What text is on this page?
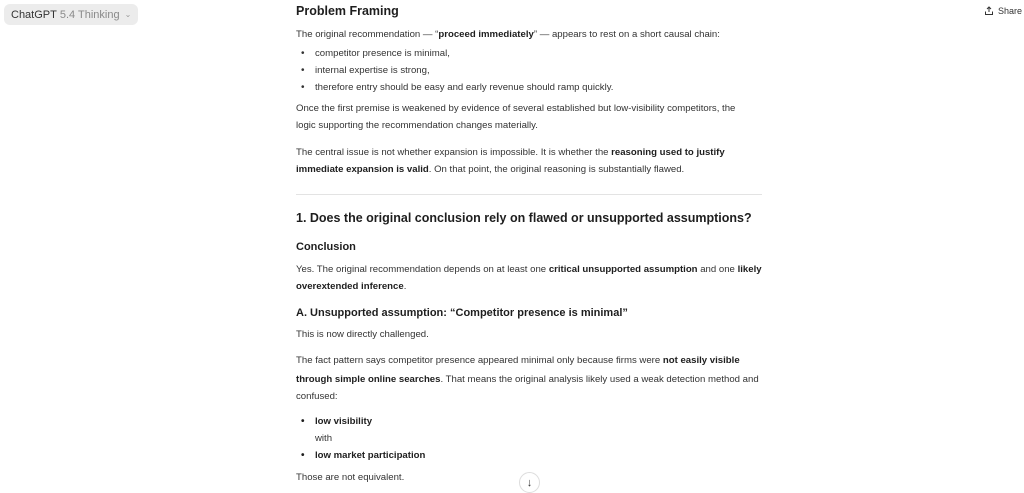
ChatGPT 5.4 Thinking ⌄	Share
Problem Framing
The original recommendation — “proceed immediately” — appears to rest on a short causal chain:
• competitor presence is minimal,
• internal expertise is strong,
• therefore entry should be easy and early revenue should ramp quickly.
Once the first premise is weakened by evidence of several established but low-visibility competitors, the
logic supporting the recommendation changes materially.
The central issue is not whether expansion is impossible. It is whether the reasoning used to justify
immediate expansion is valid. On that point, the original reasoning is substantially flawed.
1. Does the original conclusion rely on flawed or unsupported assumptions?
Conclusion
Yes. The original recommendation depends on at least one critical unsupported assumption and one likely
overextended inference.
A. Unsupported assumption: “Competitor presence is minimal”
This is now directly challenged.
The fact pattern says competitor presence appeared minimal only because firms were not easily visible
through simple online searches. That means the original analysis likely used a weak detection method and
confused:
• low visibility
with
• low market participation
Those are not equivalent.	↓
